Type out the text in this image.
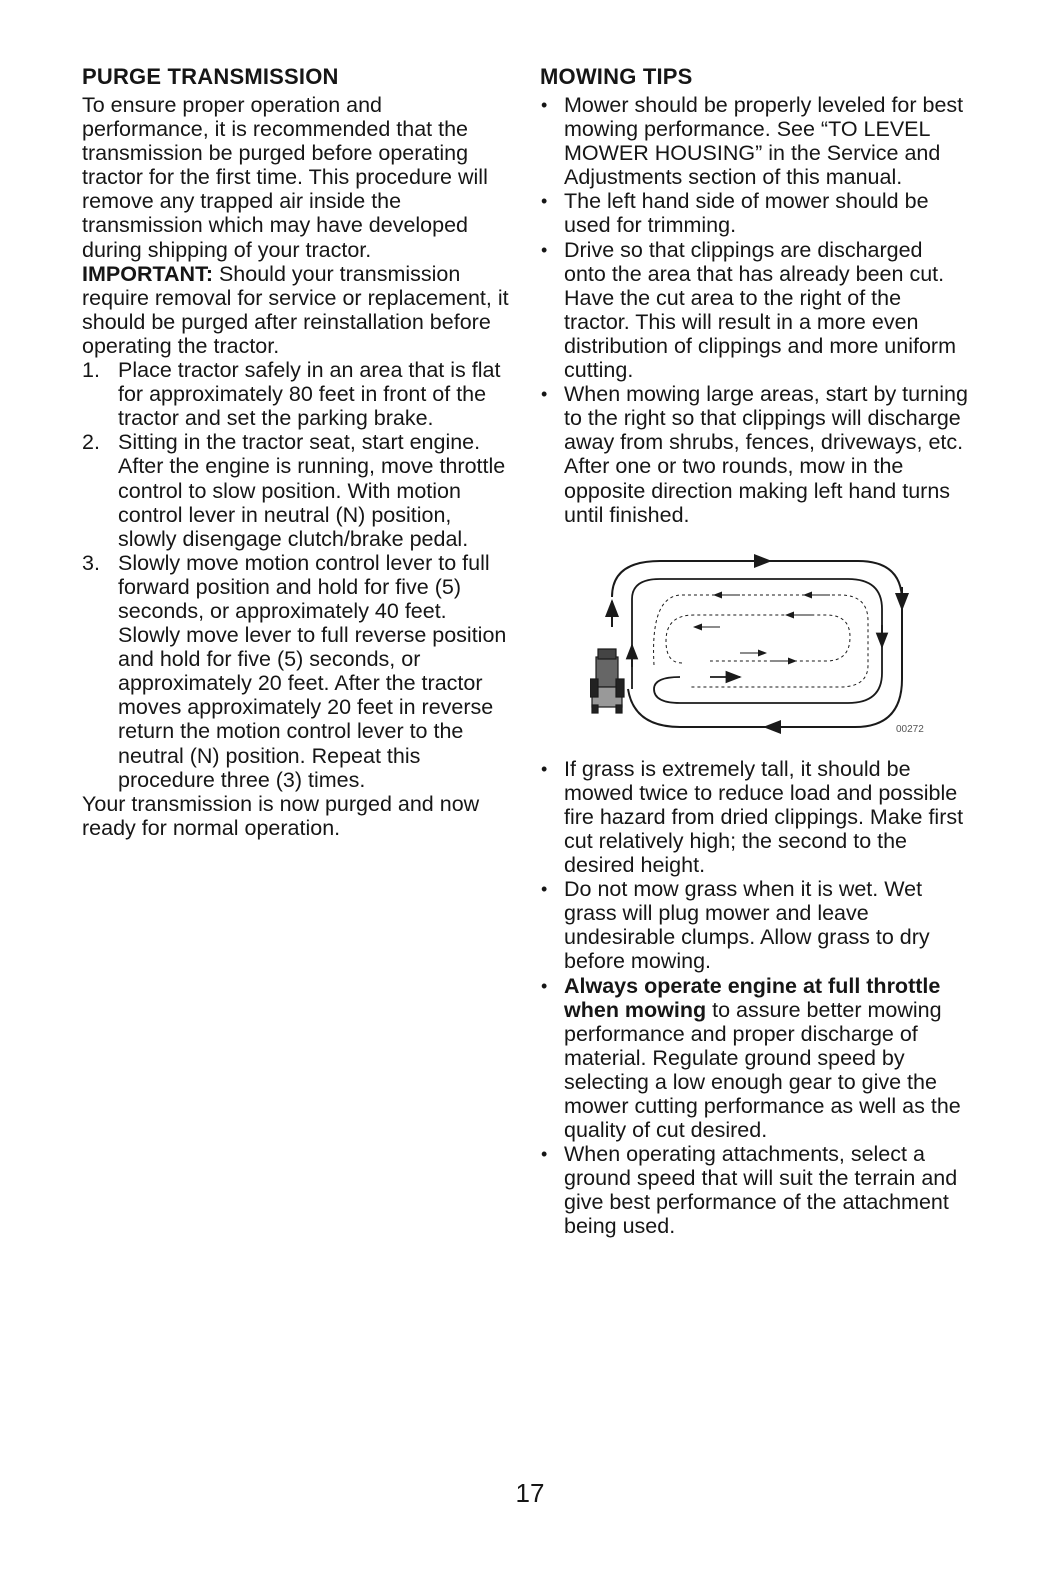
PURGE TRANSMISSION

To ensure proper operation and performance, it is recommended that the transmission be purged before operating tractor for the first time. This procedure will remove any trapped air inside the transmission which may have developed during shipping of your tractor.

IMPORTANT: Should your transmission require removal for service or replacement, it should be purged after reinstallation before operating the tractor.

1. Place tractor safely in an area that is flat for approximately 80 feet in front of the tractor and set the parking brake.
2. Sitting in the tractor seat, start engine. After the engine is running, move throttle control to slow position. With motion control lever in neutral (N) position, slowly disengage clutch/brake pedal.
3. Slowly move motion control lever to full forward position and hold for five (5) seconds, or approximately 40 feet. Slowly move lever to full reverse position and hold for five (5) seconds, or approximately 20 feet. After the tractor moves approximately 20 feet in reverse return the motion control lever to the neutral (N) position. Repeat this procedure three (3) times.

Your transmission is now purged and now ready for normal operation.

MOWING TIPS
• Mower should be properly leveled for best mowing performance. See “TO LEVEL MOWER HOUSING” in the Service and Adjustments section of this manual.
• The left hand side of mower should be used for trimming.
• Drive so that clippings are discharged onto the area that has already been cut. Have the cut area to the right of the tractor. This will result in a more even distribution of clippings and more uniform cutting.
• When mowing large areas, start by turning to the right so that clippings will discharge away from shrubs, fences, driveways, etc. After one or two rounds, mow in the opposite direction making left hand turns until finished.
00272
• If grass is extremely tall, it should be mowed twice to reduce load and possible fire hazard from dried clippings. Make first cut relatively high; the second to the desired height.
• Do not mow grass when it is wet. Wet grass will plug mower and leave undesirable clumps. Allow grass to dry before mowing.
• Always operate engine at full throttle when mowing to assure better mowing performance and proper discharge of material. Regulate ground speed by selecting a low enough gear to give the mower cutting performance as well as the quality of cut desired.
• When operating attachments, select a ground speed that will suit the terrain and give best performance of the attachment being used.
17
